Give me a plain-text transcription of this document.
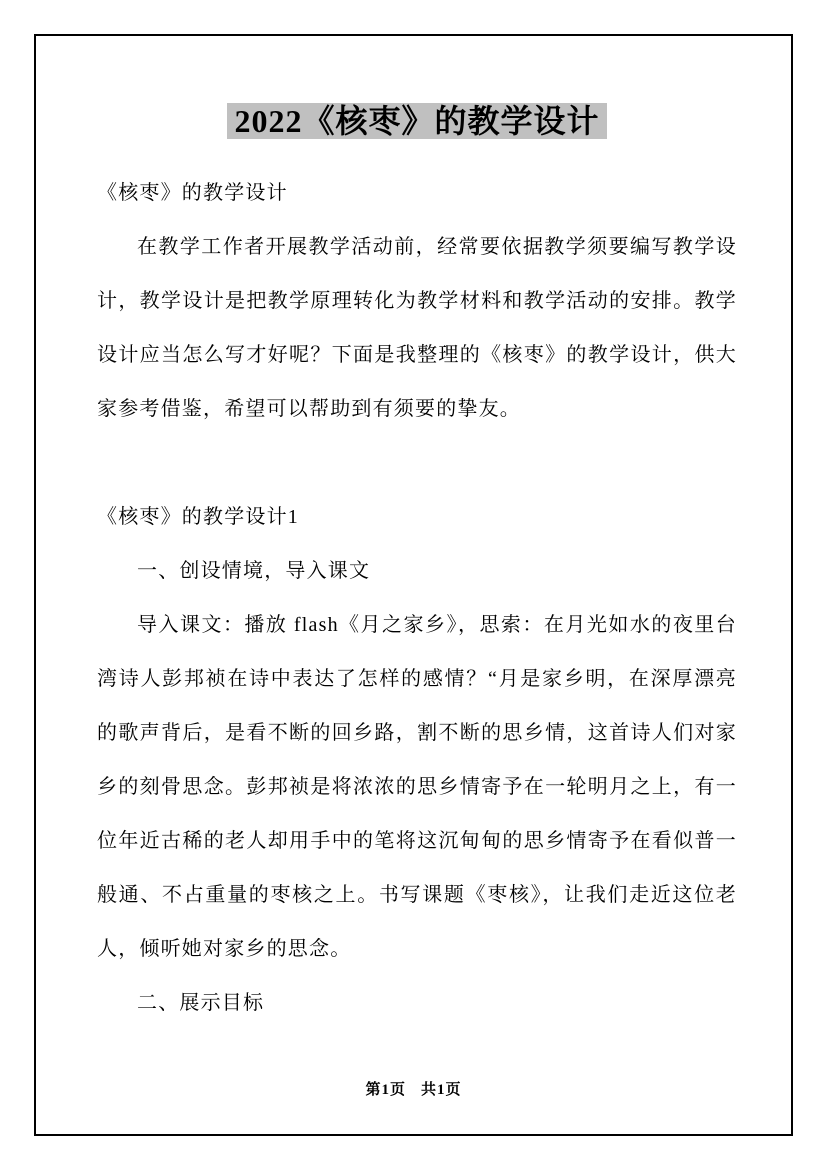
2022《核枣》的教学设计

《核枣》的教学设计

在教学工作者开展教学活动前，经常要依据教学须要编写教学设计，教学设计是把教学原理转化为教学材料和教学活动的安排。教学设计应当怎么写才好呢？下面是我整理的《核枣》的教学设计，供大家参考借鉴，希望可以帮助到有须要的挚友。

《核枣》的教学设计1

一、创设情境，导入课文

导入课文：播放 flash《月之家乡》，思索：在月光如水的夜里台湾诗人彭邦祯在诗中表达了怎样的感情？“月是家乡明，在深厚漂亮的歌声背后，是看不断的回乡路，割不断的思乡情，这首诗人们对家乡的刻骨思念。彭邦祯是将浓浓的思乡情寄予在一轮明月之上，有一位年近古稀的老人却用手中的笔将这沉甸甸的思乡情寄予在看似普一般通、不占重量的枣核之上。书写课题《枣核》，让我们走近这位老人，倾听她对家乡的思念。

二、展示目标

第1页 共1页
